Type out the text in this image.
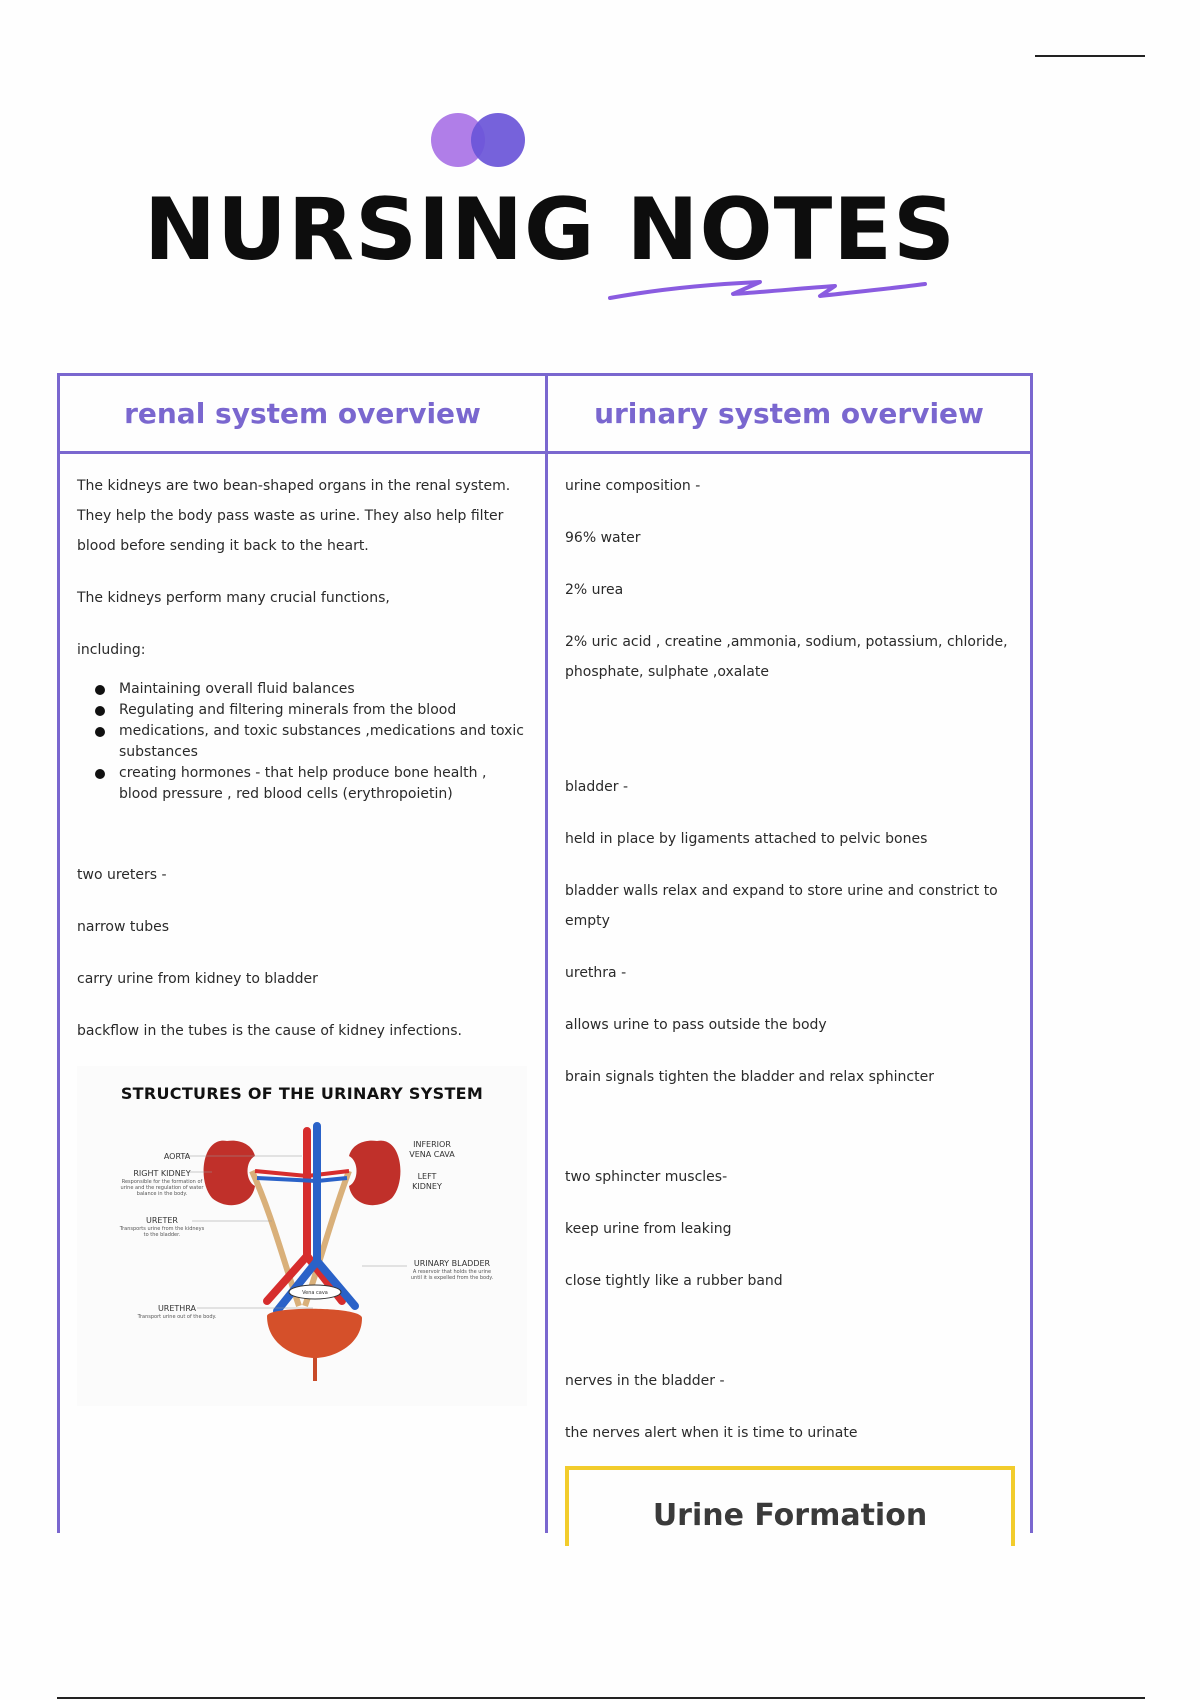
NURSING NOTES
renal system overview	urinary system overview

The kidneys are two bean-shaped organs in the renal system. They help the body pass waste as urine. They also help filter blood before sending it back to the heart.

The kidneys perform many crucial functions,

including:

Maintaining overall fluid balances
Regulating and filtering minerals from the blood
medications, and toxic substances ,medications and toxic substances
creating hormones - that help produce bone health , blood pressure , red blood cells (erythropoietin)

two ureters -

narrow tubes

carry urine from kidney to bladder

backflow in the tubes is the cause of kidney infections.

STRUCTURES OF THE URINARY SYSTEM
AORTA
RIGHT KIDNEY
Responsible for the formation of urine and the regulation of water balance in the body.
URETER
Transports urine from the kidneys to the bladder.
URETHRA
Transport urine out of the body.
INFERIOR VENA CAVA
LEFT KIDNEY
URINARY BLADDER
A reservoir that holds the urine until it is expelled from the body.
Vena cava

urine composition -

96% water

2% urea

2% uric acid , creatine ,ammonia, sodium, potassium, chloride, phosphate, sulphate ,oxalate

bladder -

held in place by ligaments attached to pelvic bones

bladder walls relax and expand to store urine and constrict to empty

urethra -

allows urine to pass outside the body

brain signals tighten the bladder and relax sphincter

two sphincter muscles-

keep urine from leaking

close tightly like a rubber band

nerves in the bladder -

the nerves alert when it is time to urinate

Urine Formation
